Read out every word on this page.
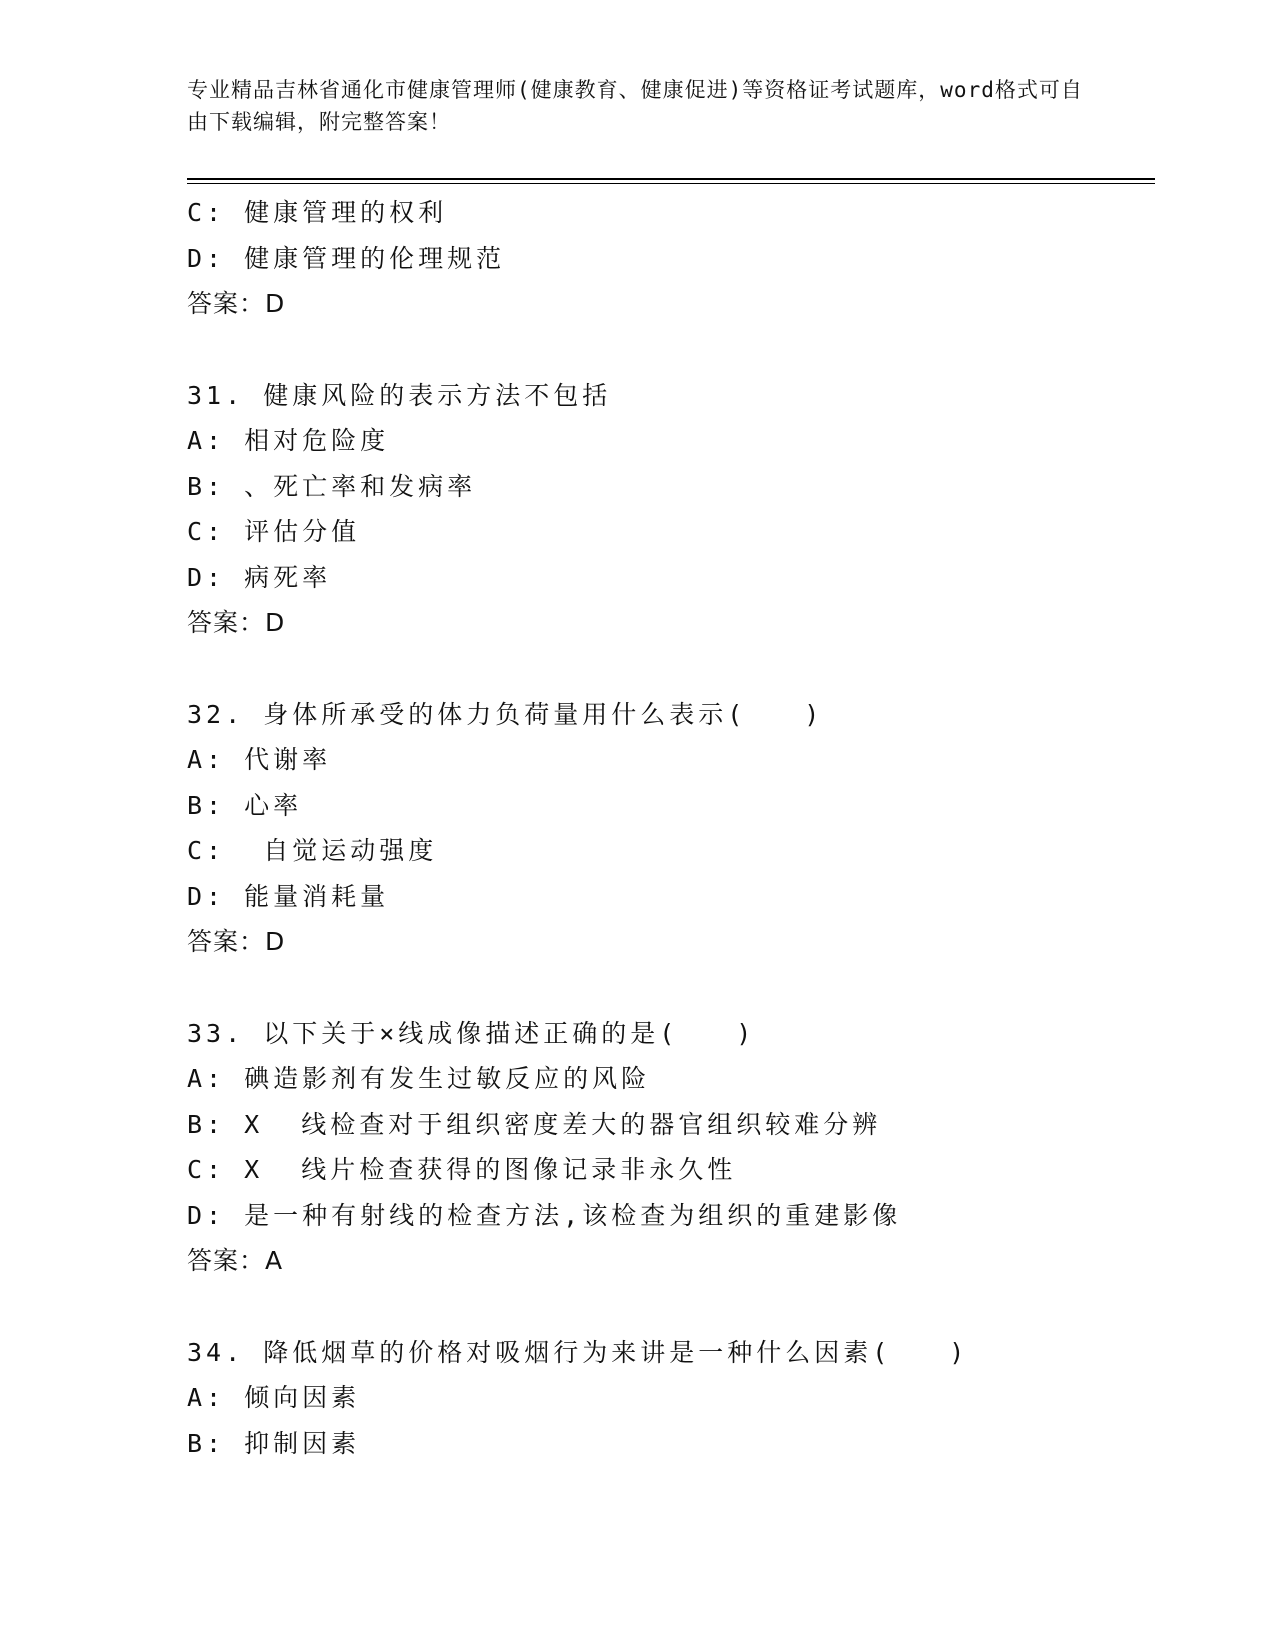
专业精品吉林省通化市健康管理师(健康教育、健康促进)等资格证考试题库，word格式可自由下载编辑，附完整答案！
C: 健康管理的权利
D: 健康管理的伦理规范
答案：D
31. 健康风险的表示方法不包括
A: 相对危险度
B: 、死亡率和发病率
C: 评估分值
D: 病死率
答案：D
32. 身体所承受的体力负荷量用什么表示(　　)
A: 代谢率
B: 心率
C:  自觉运动强度
D: 能量消耗量
答案：D
33. 以下关于×线成像描述正确的是(　　)
A: 碘造影剂有发生过敏反应的风险
B: X  线检查对于组织密度差大的器官组织较难分辨
C: X  线片检查获得的图像记录非永久性
D: 是一种有射线的检查方法,该检查为组织的重建影像
答案：A
34. 降低烟草的价格对吸烟行为来讲是一种什么因素(　　)
A: 倾向因素
B: 抑制因素
